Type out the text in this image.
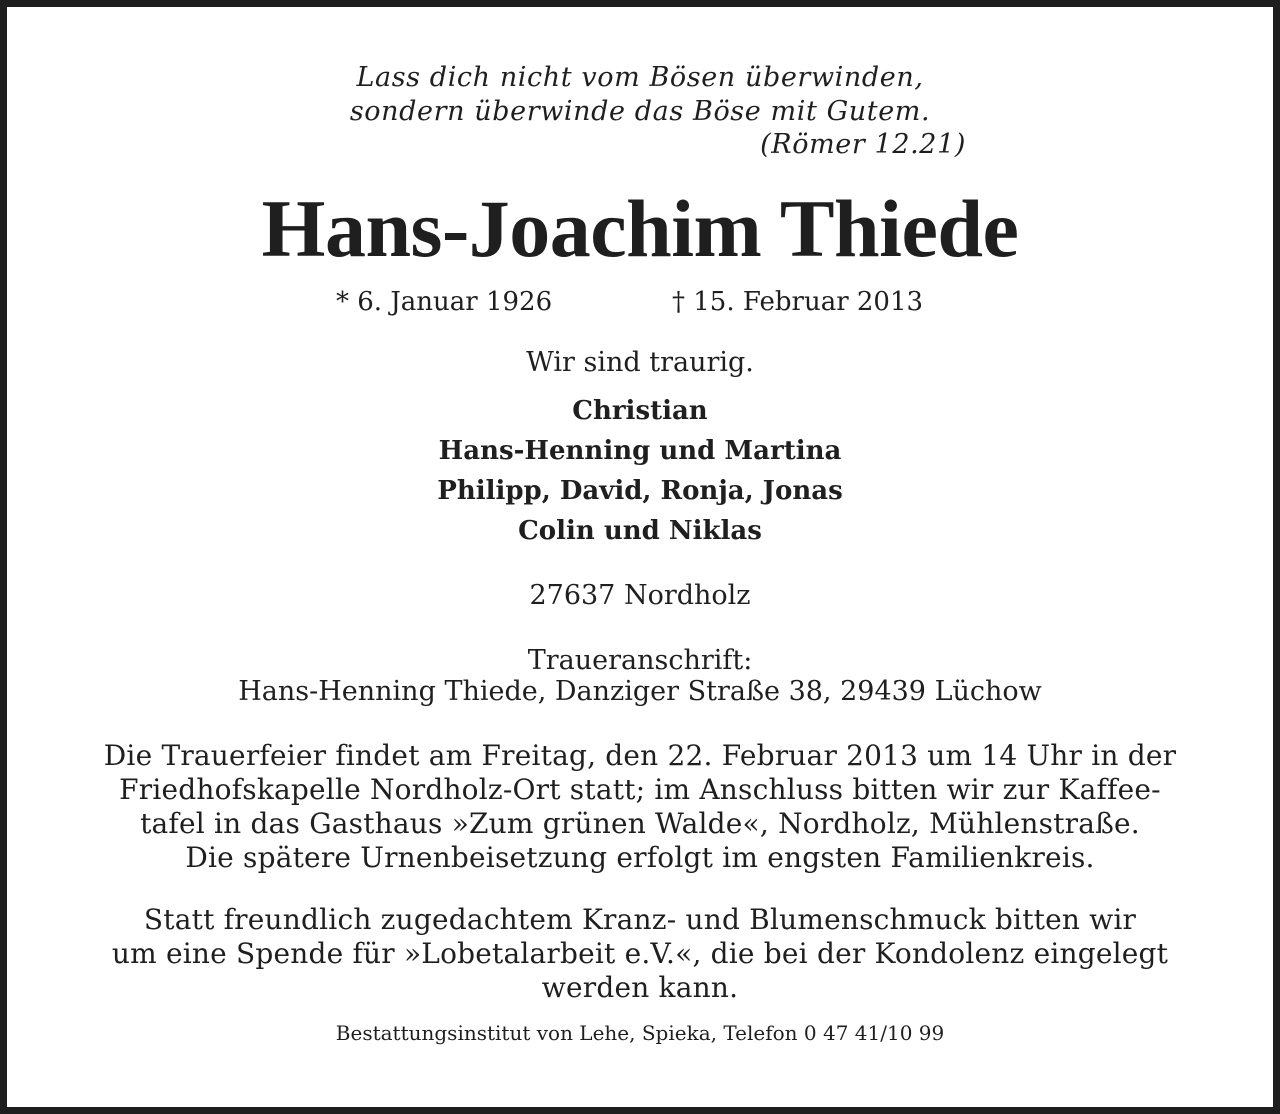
Lass dich nicht vom Bösen überwinden,
sondern überwinde das Böse mit Gutem.
(Römer 12.21)
Hans-Joachim Thiede
* 6. Januar 1926	† 15. Februar 2013
Wir sind traurig.
Christian
Hans-Henning und Martina
Philipp, David, Ronja, Jonas
Colin und Niklas
27637 Nordholz
Traueranschrift:
Hans-Henning Thiede, Danziger Straße 38, 29439 Lüchow
Die Trauerfeier findet am Freitag, den 22. Februar 2013 um 14 Uhr in der
Friedhofskapelle Nordholz-Ort statt; im Anschluss bitten wir zur Kaffee-
tafel in das Gasthaus »Zum grünen Walde«, Nordholz, Mühlenstraße.
Die spätere Urnenbeisetzung erfolgt im engsten Familienkreis.
Statt freundlich zugedachtem Kranz- und Blumenschmuck bitten wir
um eine Spende für »Lobetalarbeit e.V.«, die bei der Kondolenz eingelegt
werden kann.
Bestattungsinstitut von Lehe, Spieka, Telefon 0 47 41/10 99
